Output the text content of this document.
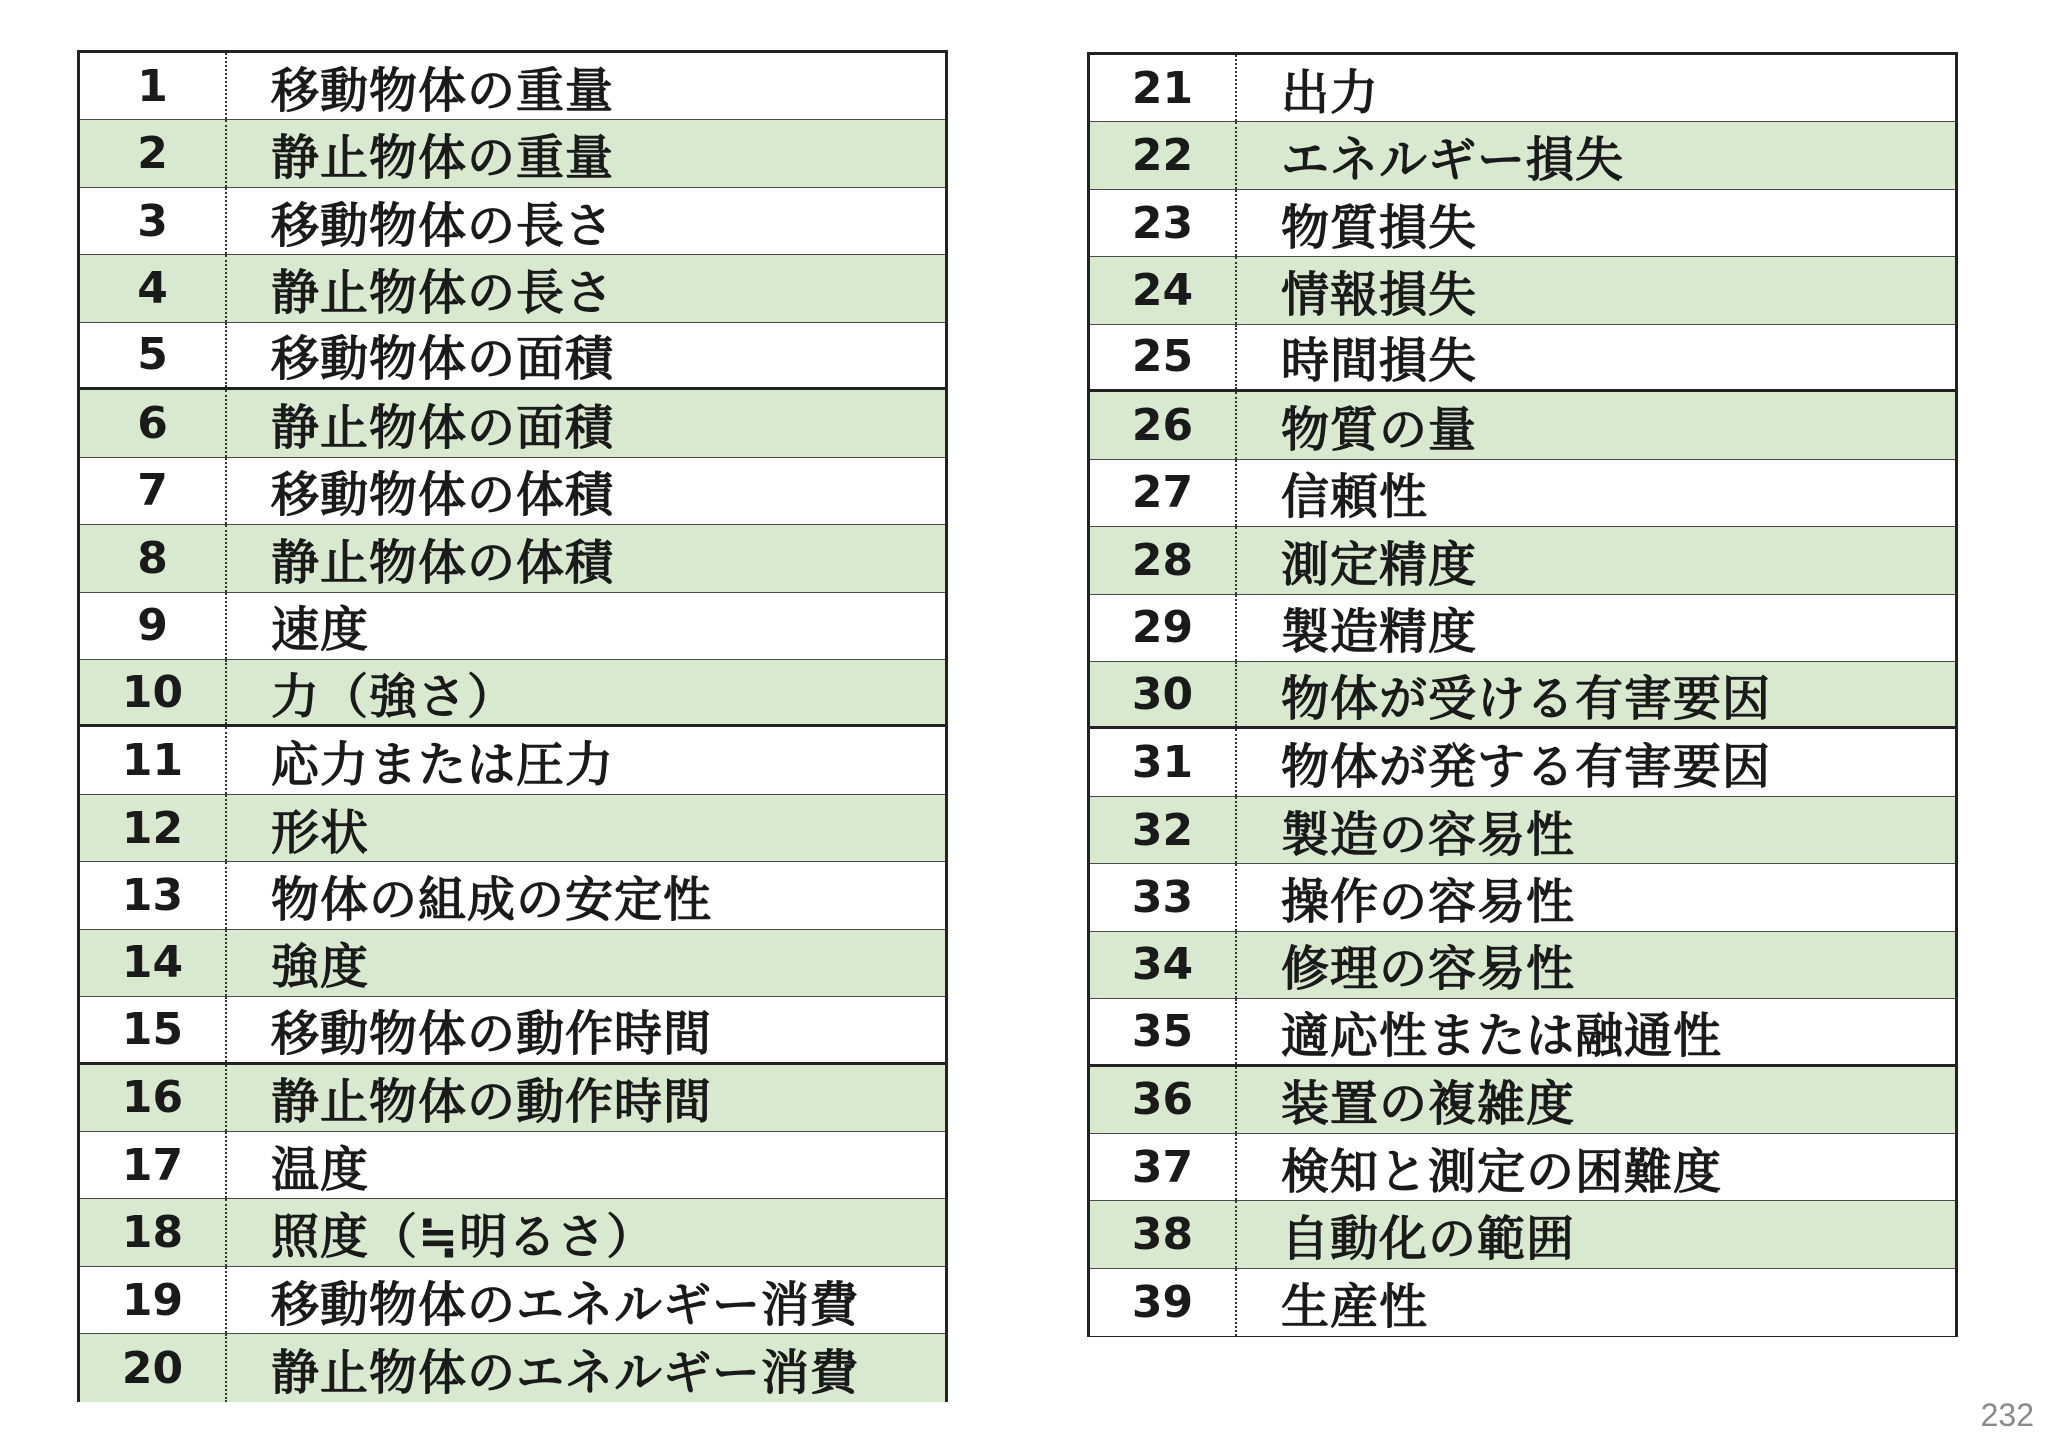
1	移動物体の重量
2	静止物体の重量
3	移動物体の長さ
4	静止物体の長さ
5	移動物体の面積
6	静止物体の面積
7	移動物体の体積
8	静止物体の体積
9	速度
10	力（強さ）
11	応力または圧力
12	形状
13	物体の組成の安定性
14	強度
15	移動物体の動作時間
16	静止物体の動作時間
17	温度
18	照度（≒明るさ）
19	移動物体のエネルギー消費
20	静止物体のエネルギー消費
21	出力
22	エネルギー損失
23	物質損失
24	情報損失
25	時間損失
26	物質の量
27	信頼性
28	測定精度
29	製造精度
30	物体が受ける有害要因
31	物体が発する有害要因
32	製造の容易性
33	操作の容易性
34	修理の容易性
35	適応性または融通性
36	装置の複雑度
37	検知と測定の困難度
38	自動化の範囲
39	生産性
232
